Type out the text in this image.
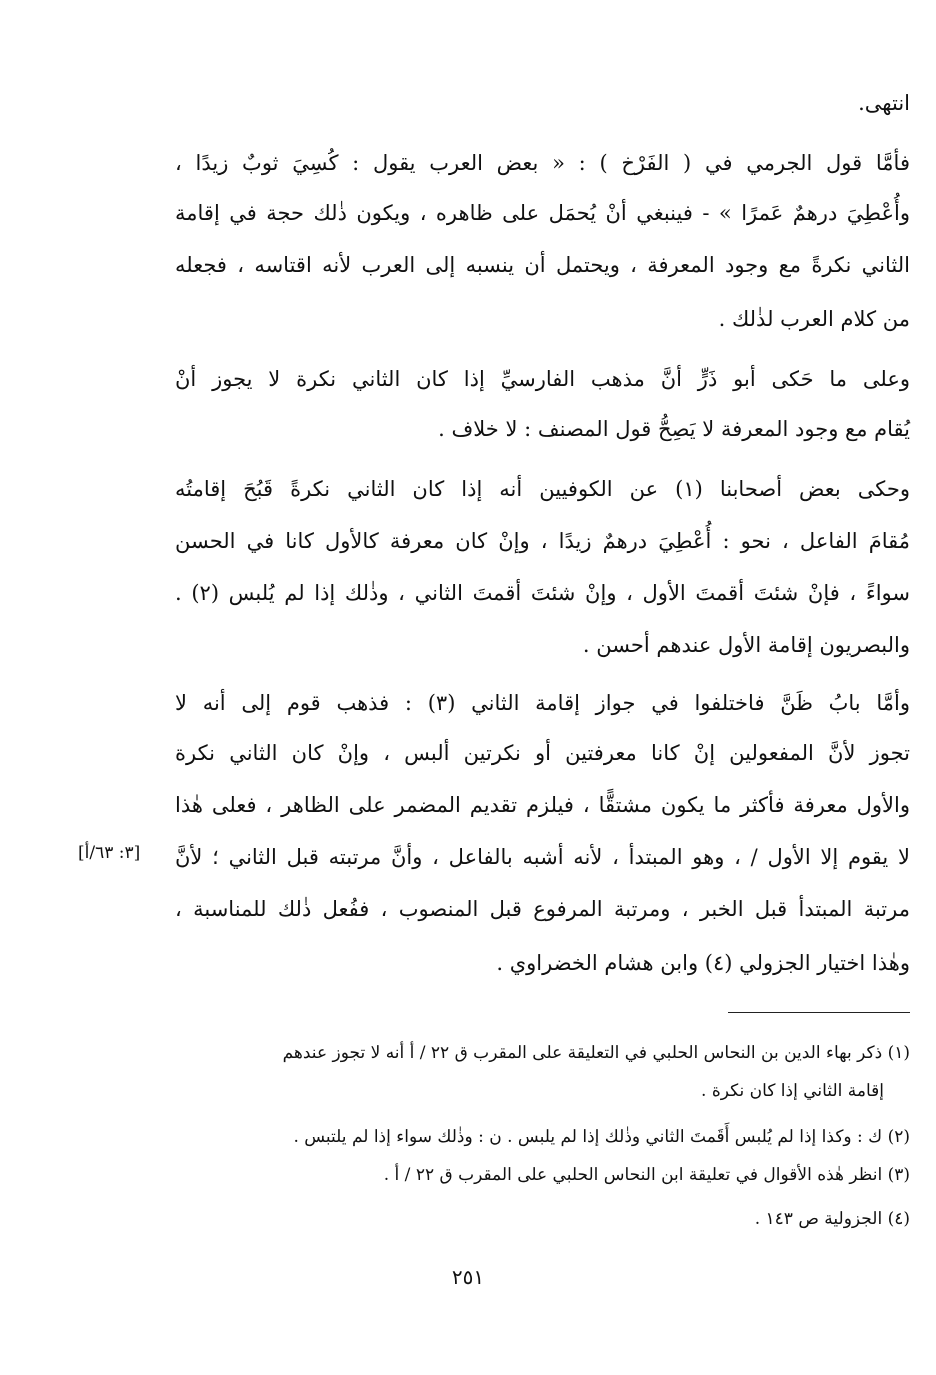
انتهى.
فأمَّا قول الجرمي في ( الفَرْخ ) : « بعض العرب يقول : كُسِيَ ثوبٌ زيدًا ،
وأُعْطِيَ درهمٌ عَمرًا » - فينبغي أنْ يُحمَل على ظاهره ، ويكون ذٰلك حجة في إقامة
الثاني نكرةً مع وجود المعرفة ، ويحتمل أن ينسبه إلى العرب لأنه اقتاسه ، فجعله
من كلام العرب لذٰلك .
وعلى ما حَكى أبو ذَرٍّ أنَّ مذهب الفارسيِّ إذا كان الثاني نكرة لا يجوز أنْ
يُقام مع وجود المعرفة لا يَصِحُّ قول المصنف : لا خلاف .
وحكى بعض أصحابنا (١) عن الكوفيين أنه إذا كان الثاني نكرةً قَبُحَ إقامتُه
مُقامَ الفاعل ، نحو : أُعْطِيَ درهمٌ زيدًا ، وإنْ كان معرفة كالأول كانا في الحسن
سواءً ، فإنْ شئتَ أقمتَ الأول ، وإنْ شئتَ أقمتَ الثاني ، وذٰلك إذا لم يُلبس (٢) .
والبصريون إقامة الأول عندهم أحسن .
وأمَّا بابُ ظَنَّ فاختلفوا في جواز إقامة الثاني (٣) : فذهب قوم إلى أنه لا
تجوز لأنَّ المفعولين إنْ كانا معرفتين أو نكرتين ألبس ، وإنْ كان الثاني نكرة
والأول معرفة فأكثر ما يكون مشتقًّا ، فيلزم تقديم المضمر على الظاهر ، فعلى هٰذا
لا يقوم إلا الأول / ، وهو المبتدأ ، لأنه أشبه بالفاعل ، وأنَّ مرتبته قبل الثاني ؛ لأنَّ
مرتبة المبتدأ قبل الخبر ، ومرتبة المرفوع قبل المنصوب ، ففُعل ذٰلك للمناسبة ،
وهٰذا اختيار الجزولي (٤) وابن هشام الخضراوي .
[٣: ٦٣/أ]
(١) ذكر بهاء الدين بن النحاس الحلبي في التعليقة على المقرب ق ٢٢ / أ أنه لا تجوز عندهم
إقامة الثاني إذا كان نكرة .
(٢) ك : وكذا إذا لم يُلبس أَقَمتَ الثاني وذٰلك إذا لم يلبس . ن : وذٰلك سواء إذا لم يلتبس .
(٣) انظر هٰذه الأقوال في تعليقة ابن النحاس الحلبي على المقرب ق ٢٢ / أ .
(٤) الجزولية ص ١٤٣ .
٢٥١
